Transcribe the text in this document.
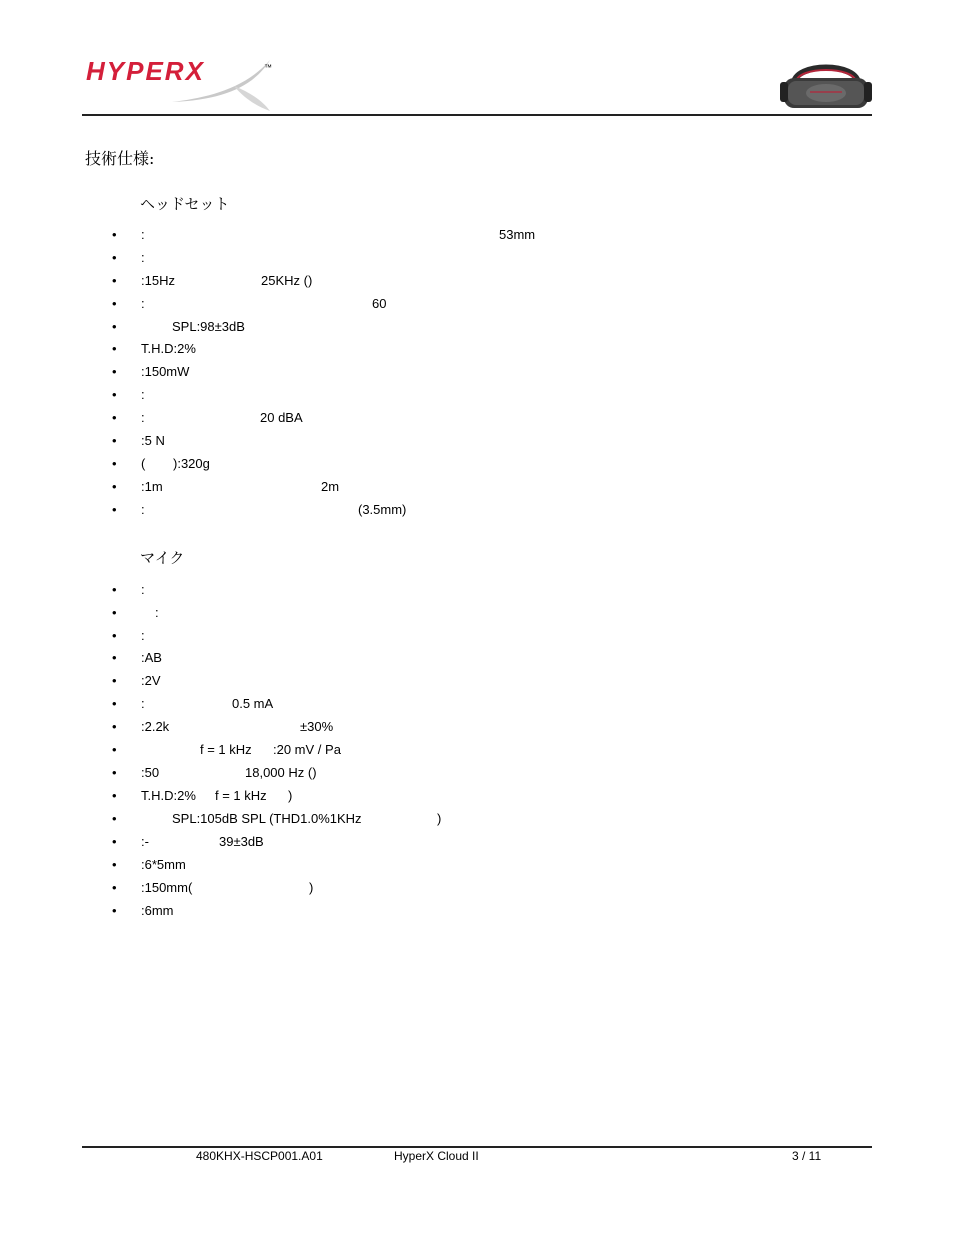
HYPERX	™
技術仕様:
ヘッドセット
• :	53mm
• :
• :15Hz	25KHz ()
• :	60
•	SPL:98±3dB
• T.H.D:2%
• :150mW
• :
• :	20 dBA
• :5 N
• ( ):320g
• :1m	2m
• :	(3.5mm)
マイク
• :
•	:
• :
• :AB
• :2V
• :	0.5 mA
• :2.2k	±30%
•	f = 1 kHz :20 mV / Pa
• :50	18,000 Hz ()
• T.H.D:2% f = 1 kHz )
•	SPL:105dB SPL (THD1.0%1KHz	)
• :-	39±3dB
• :6*5mm
• :150mm(	)
• :6mm
480KHX-HSCP001.A01	HyperX Cloud II	3 / 11
